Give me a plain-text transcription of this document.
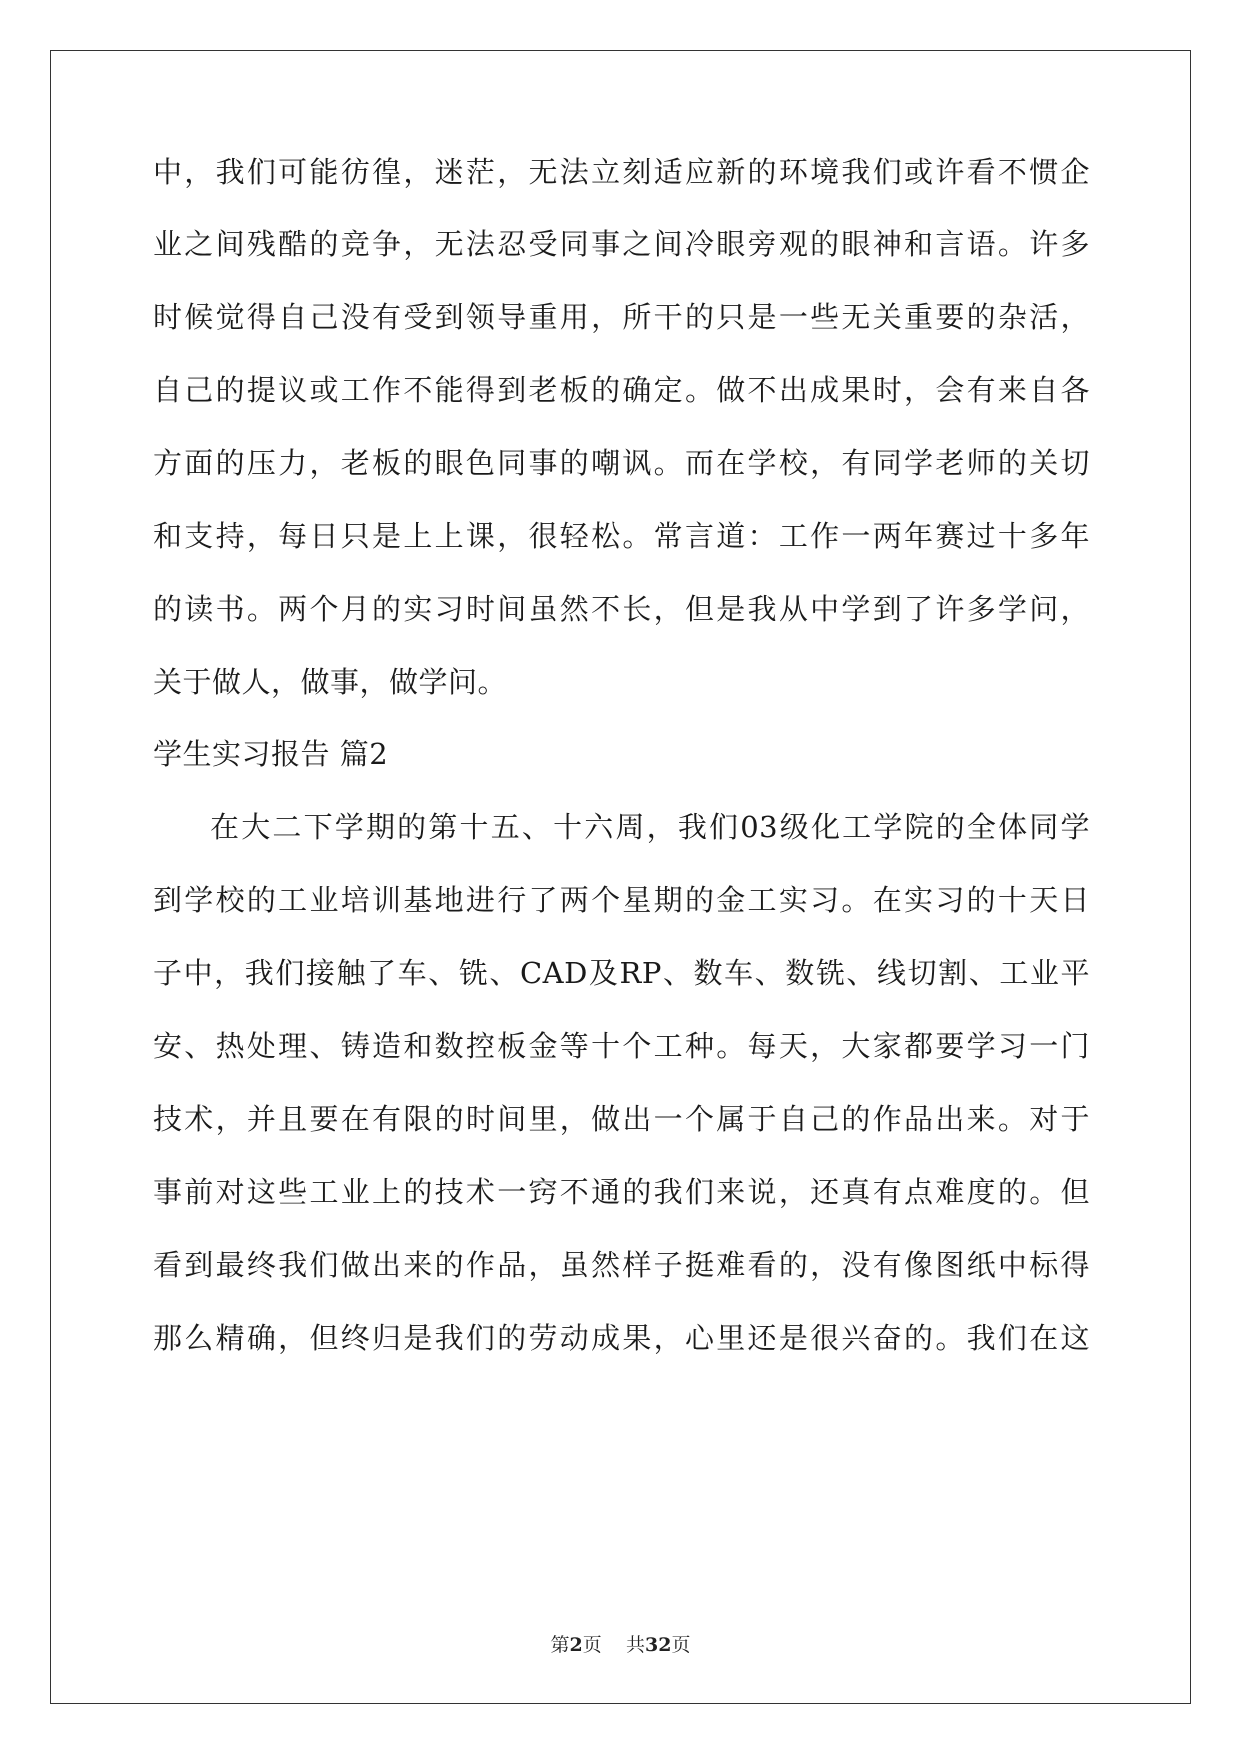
中，我们可能彷徨，迷茫，无法立刻适应新的环境我们或许看不惯企
业之间残酷的竞争，无法忍受同事之间冷眼旁观的眼神和言语。许多
时候觉得自己没有受到领导重用，所干的只是一些无关重要的杂活，
自己的提议或工作不能得到老板的确定。做不出成果时，会有来自各
方面的压力，老板的眼色同事的嘲讽。而在学校，有同学老师的关切
和支持，每日只是上上课，很轻松。常言道：工作一两年赛过十多年
的读书。两个月的实习时间虽然不长，但是我从中学到了许多学问，
关于做人，做事，做学问。
学生实习报告 篇2
在大二下学期的第十五、十六周，我们03级化工学院的全体同学
到学校的工业培训基地进行了两个星期的金工实习。在实习的十天日
子中，我们接触了车、铣、CAD及RP、数车、数铣、线切割、工业平
安、热处理、铸造和数控板金等十个工种。每天，大家都要学习一门
技术，并且要在有限的时间里，做出一个属于自己的作品出来。对于
事前对这些工业上的技术一窍不通的我们来说，还真有点难度的。但
看到最终我们做出来的作品，虽然样子挺难看的，没有像图纸中标得
那么精确，但终归是我们的劳动成果，心里还是很兴奋的。我们在这
第2页 共32页
